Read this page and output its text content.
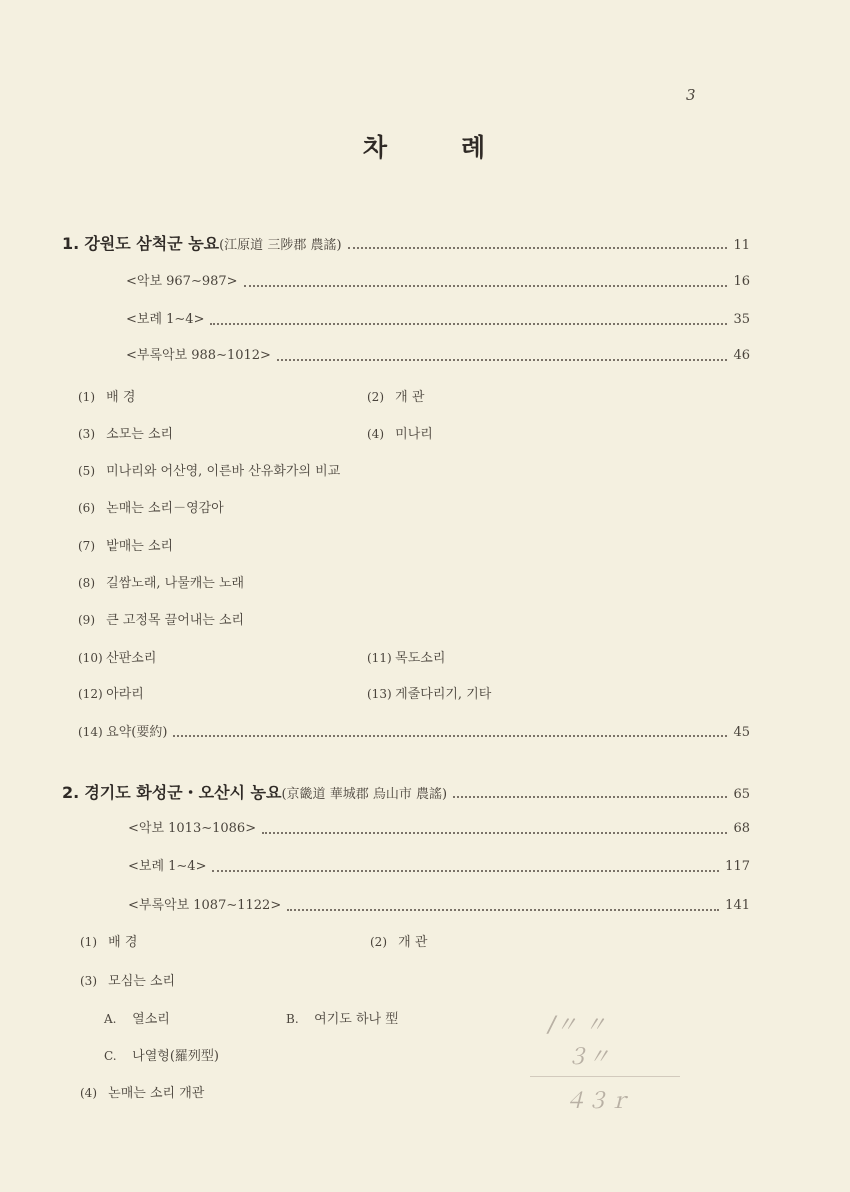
3
차	례
1. 강원도 삼척군 농요(江原道 三陟郡 農謠)	11
<악보 967∼987>	16
<보례 1∼4>	35
<부록악보 988∼1012>	46
(1) 배 경	(2) 개 관
(3) 소모는 소리	(4) 미나리
(5) 미나리와 어산영, 이른바 산유화가의 비교
(6) 논매는 소리－영감아
(7) 밭매는 소리
(8) 길쌈노래, 나물캐는 노래
(9) 큰 고정목 끌어내는 소리
(10) 산판소리	(11) 목도소리
(12) 아라리	(13) 게줄다리기, 기타
(14) 요약(要約)	45
2. 경기도 화성군・오산시 농요(京畿道 華城郡 烏山市 農謠)	65
<악보 1013∼1086>	68
<보례 1∼4>	117
<부록악보 1087∼1122>	141
(1) 배 경	(2) 개 관
(3) 모심는 소리
A. 열소리	B. 여기도 하나 型
C. 나열형(羅列型)
(4) 논매는 소리 개관
/〃 〃
３〃
４３ｒ
